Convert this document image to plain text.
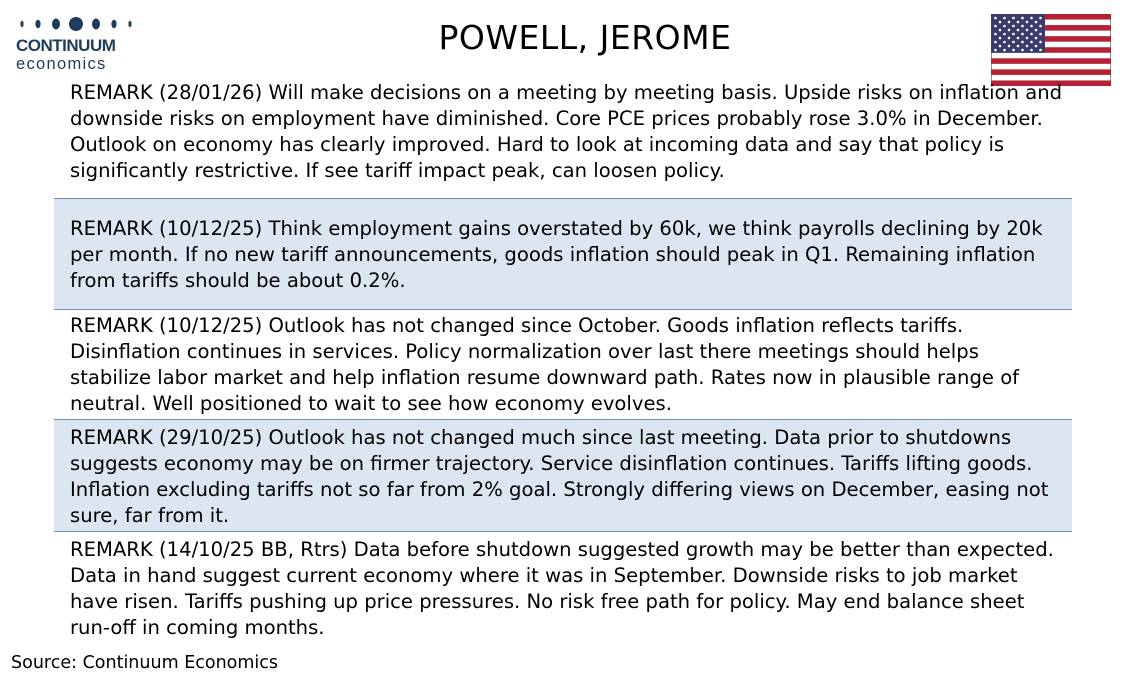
CONTINUUM
economics
POWELL, JEROME
REMARK (28/01/26) Will make decisions on a meeting by meeting basis. Upside risks on inflation and downside risks on employment have diminished. Core PCE prices probably rose 3.0% in December. Outlook on economy has clearly improved. Hard to look at incoming data and say that policy is significantly restrictive. If see tariff impact peak, can loosen policy.
REMARK (10/12/25) Think employment gains overstated by 60k, we think payrolls declining by 20k per month. If no new tariff announcements, goods inflation should peak in Q1. Remaining inflation from tariffs should be about 0.2%.
REMARK (10/12/25) Outlook has not changed since October. Goods inflation reflects tariffs. Disinflation continues in services. Policy normalization over last there meetings should helps stabilize labor market and help inflation resume downward path. Rates now in plausible range of neutral. Well positioned to wait to see how economy evolves.
REMARK (29/10/25) Outlook has not changed much since last meeting. Data prior to shutdowns suggests economy may be on firmer trajectory. Service disinflation continues. Tariffs lifting goods. Inflation excluding tariffs not so far from 2% goal. Strongly differing views on December, easing not sure, far from it.
REMARK (14/10/25 BB, Rtrs) Data before shutdown suggested growth may be better than expected. Data in hand suggest current economy where it was in September. Downside risks to job market have risen. Tariffs pushing up price pressures. No risk free path for policy. May end balance sheet run-off in coming months.
Source: Continuum Economics
